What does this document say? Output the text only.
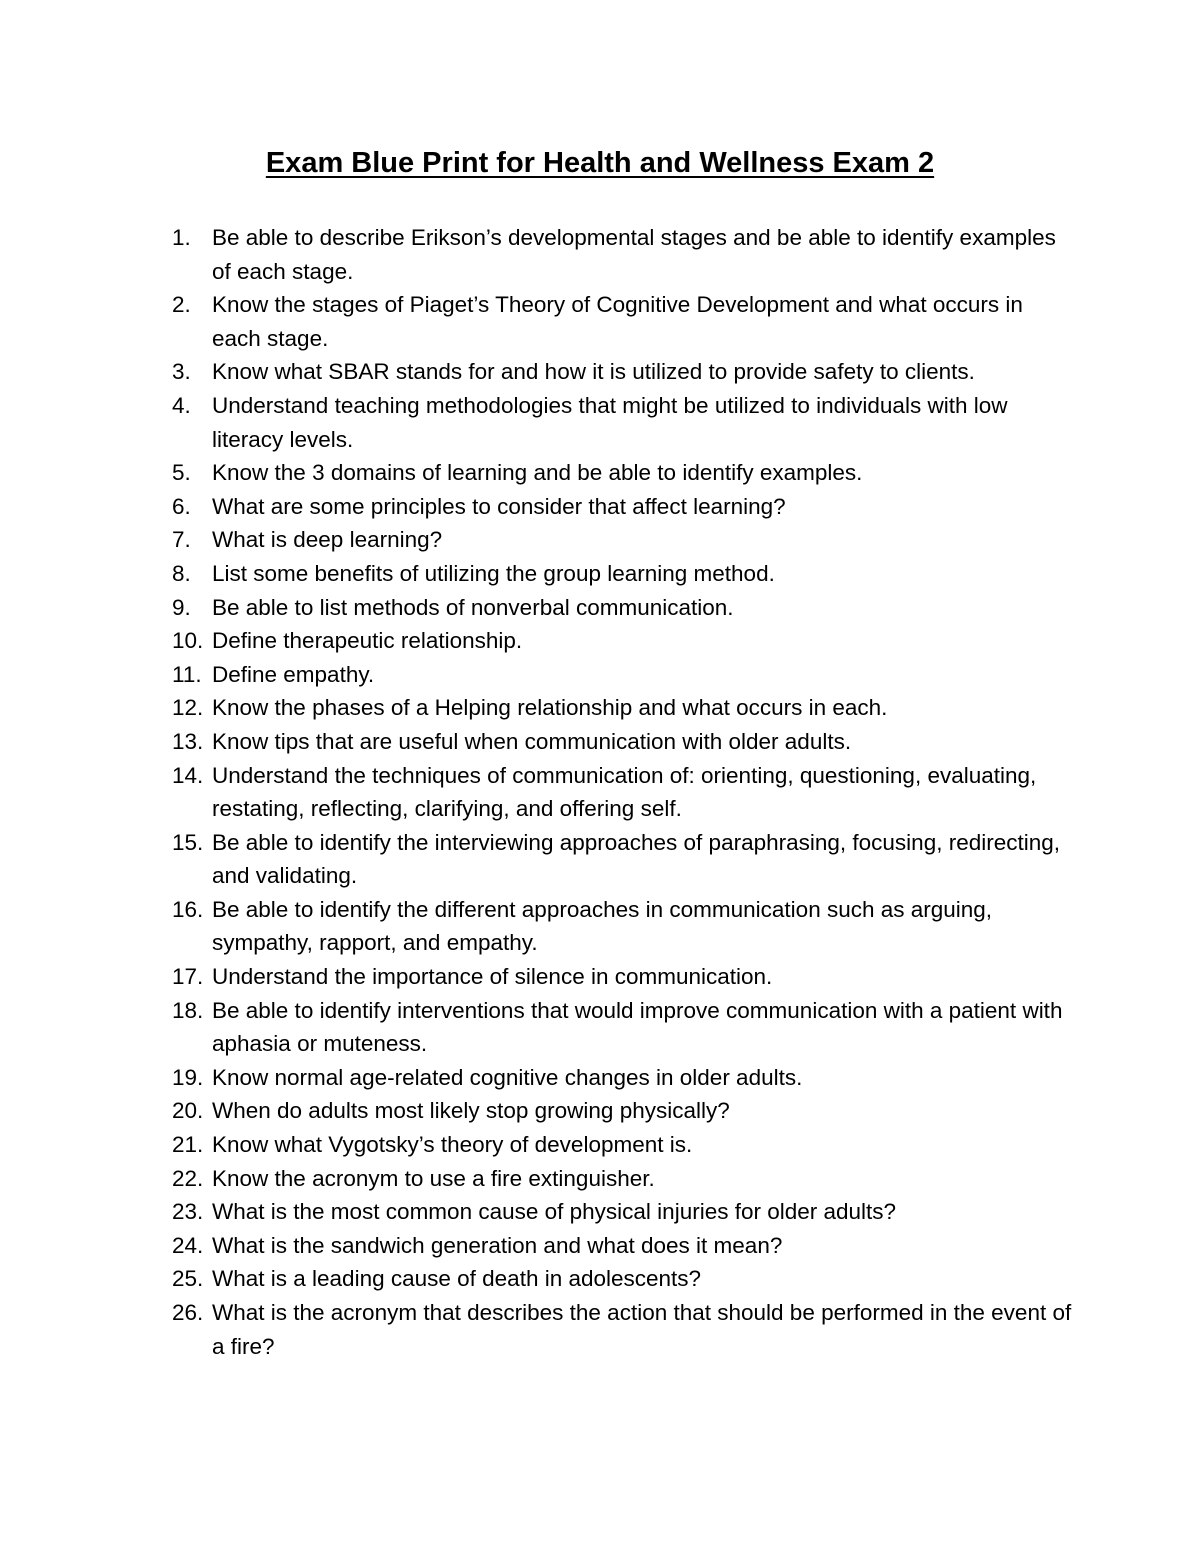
Exam Blue Print for Health and Wellness Exam 2
1. Be able to describe Erikson’s developmental stages and be able to identify examples of each stage.
2. Know the stages of Piaget’s Theory of Cognitive Development and what occurs in each stage.
3. Know what SBAR stands for and how it is utilized to provide safety to clients.
4. Understand teaching methodologies that might be utilized to individuals with low literacy levels.
5. Know the 3 domains of learning and be able to identify examples.
6. What are some principles to consider that affect learning?
7. What is deep learning?
8. List some benefits of utilizing the group learning method.
9. Be able to list methods of nonverbal communication.
10. Define therapeutic relationship.
11. Define empathy.
12. Know the phases of a Helping relationship and what occurs in each.
13. Know tips that are useful when communication with older adults.
14. Understand the techniques of communication of: orienting, questioning, evaluating, restating, reflecting, clarifying, and offering self.
15. Be able to identify the interviewing approaches of paraphrasing, focusing, redirecting, and validating.
16. Be able to identify the different approaches in communication such as arguing, sympathy, rapport, and empathy.
17. Understand the importance of silence in communication.
18. Be able to identify interventions that would improve communication with a patient with aphasia or muteness.
19. Know normal age-related cognitive changes in older adults.
20. When do adults most likely stop growing physically?
21. Know what Vygotsky’s theory of development is.
22. Know the acronym to use a fire extinguisher.
23. What is the most common cause of physical injuries for older adults?
24. What is the sandwich generation and what does it mean?
25. What is a leading cause of death in adolescents?
26. What is the acronym that describes the action that should be performed in the event of a fire?
